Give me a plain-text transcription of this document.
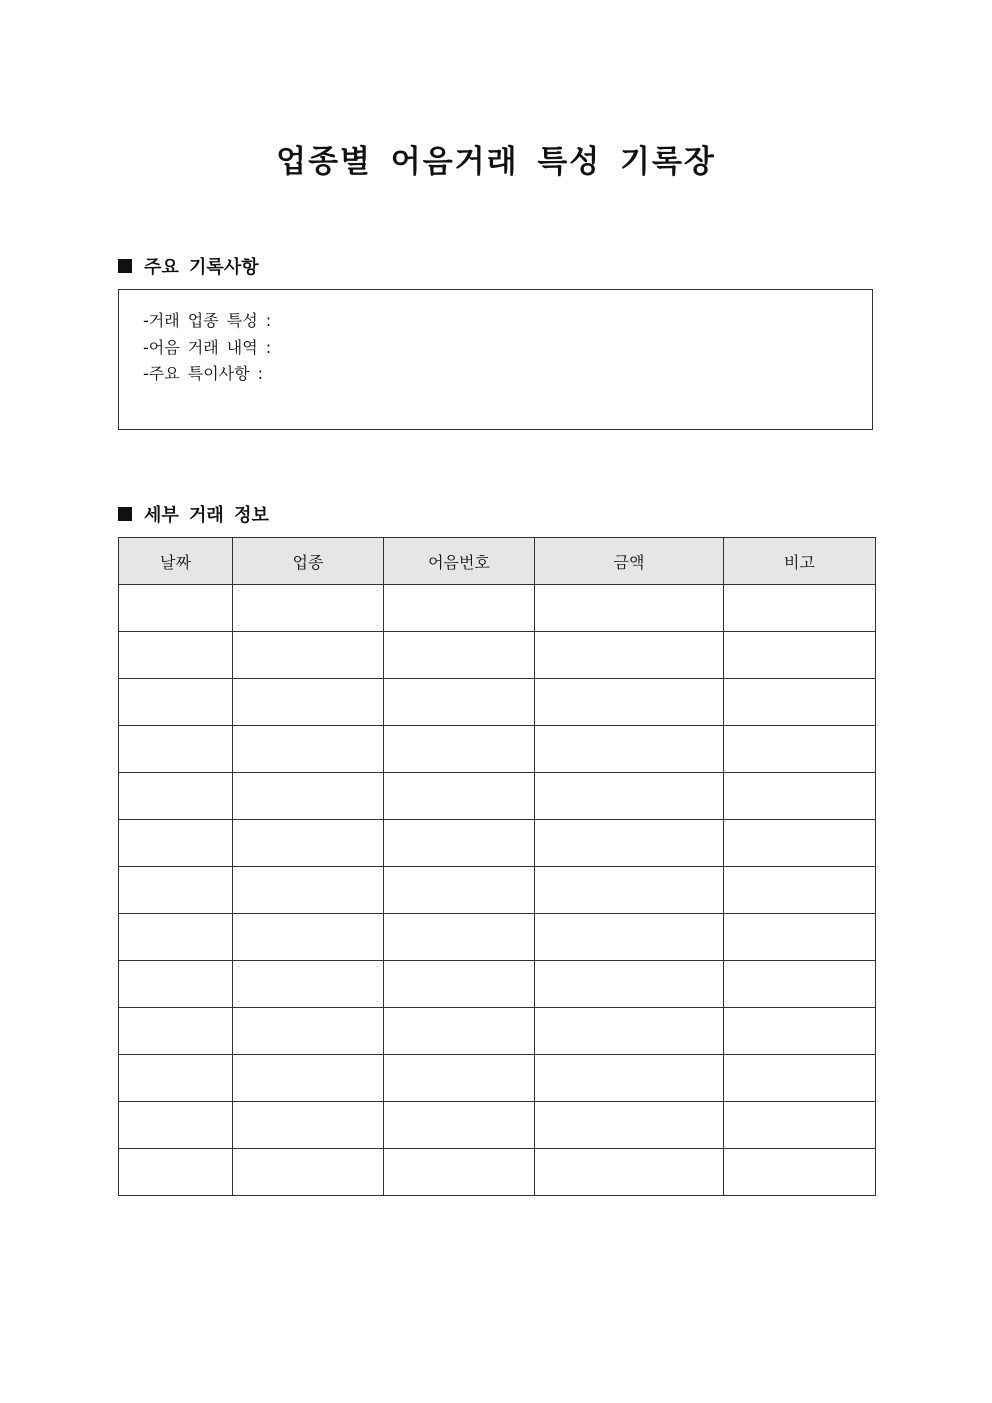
업종별 어음거래 특성 기록장
주요 기록사항
-거래 업종 특성 :
-어음 거래 내역 :
-주요 특이사항 :
세부 거래 정보
날짜	업종	어음번호	금액	비고
